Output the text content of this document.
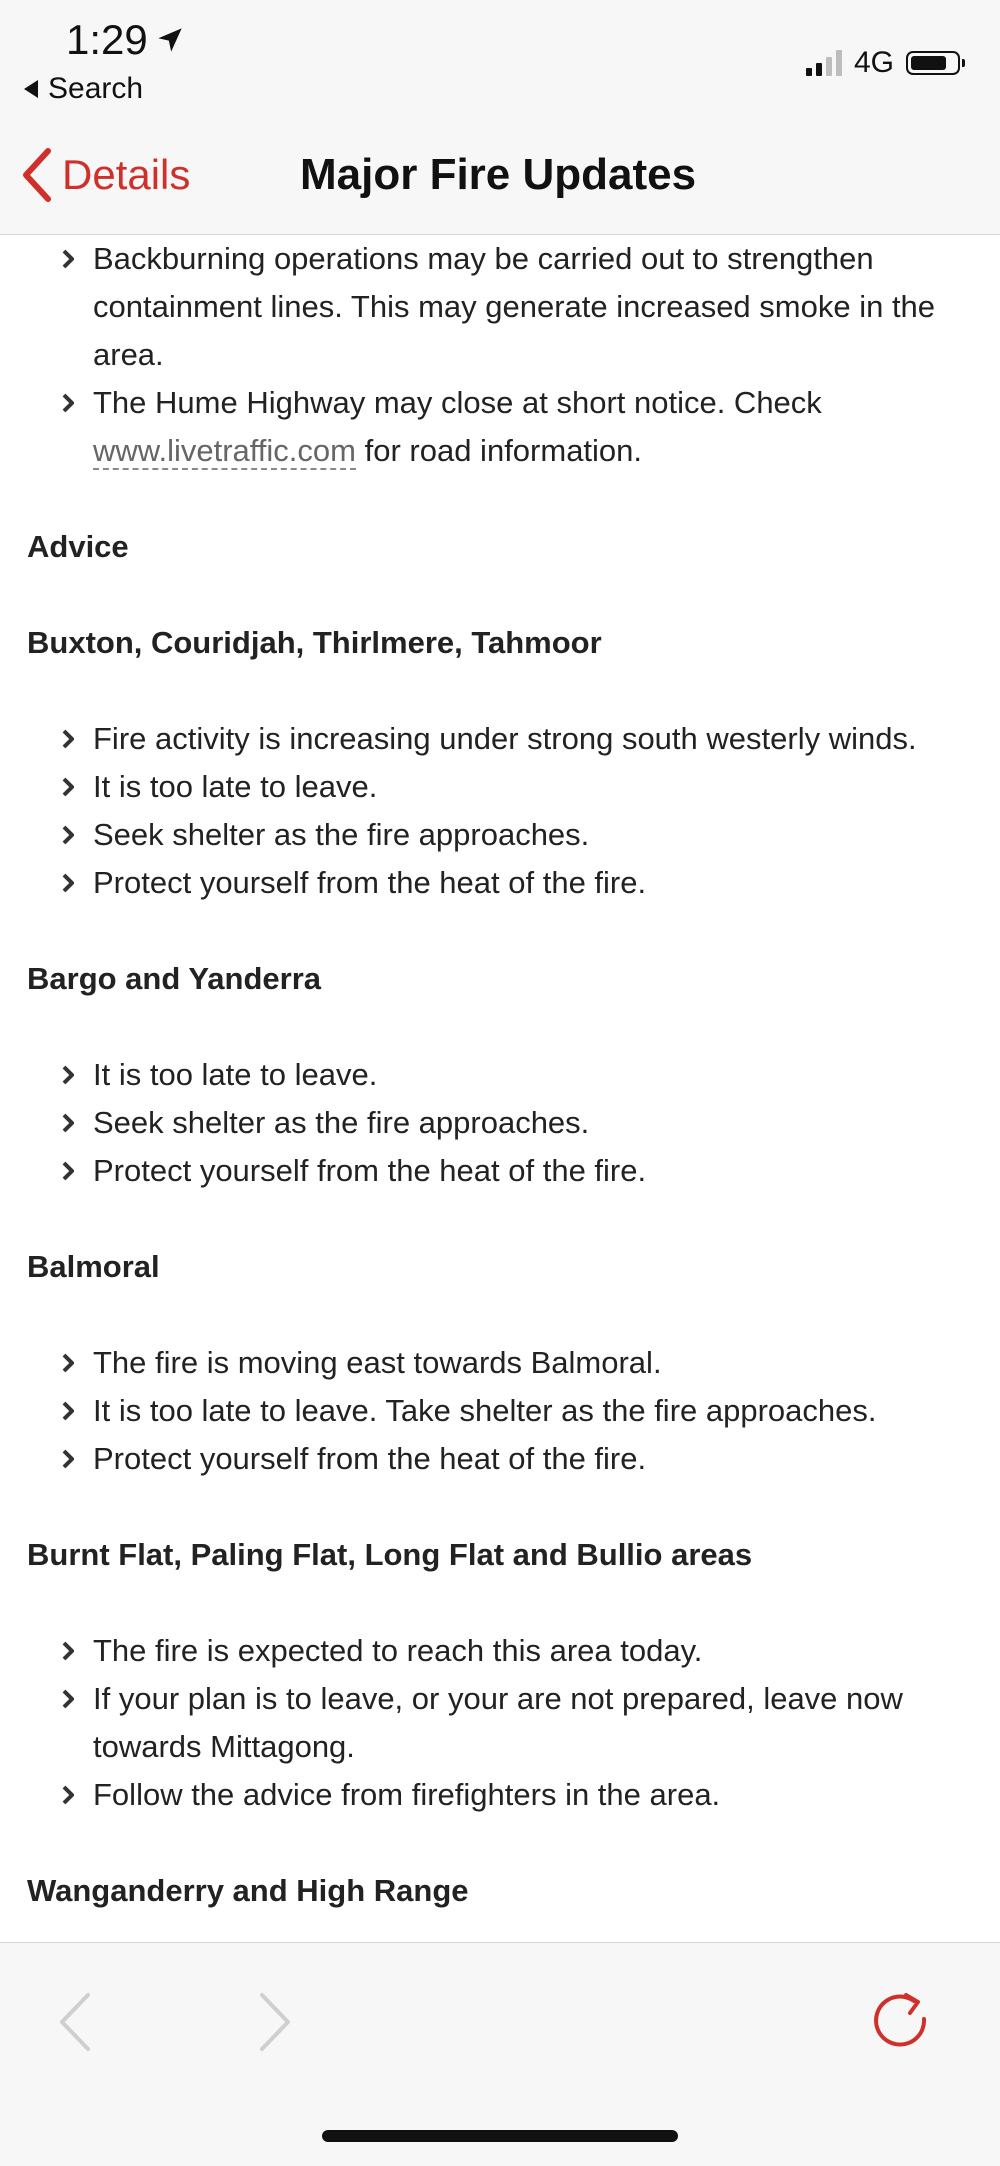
1:29
Search
4G
Details Major Fire Updates
Backburning operations may be carried out to strengthen containment lines. This may generate increased smoke in the area.
The Hume Highway may close at short notice. Check www.livetraffic.com for road information.
Advice
Buxton, Couridjah, Thirlmere, Tahmoor
Fire activity is increasing under strong south westerly winds.
It is too late to leave.
Seek shelter as the fire approaches.
Protect yourself from the heat of the fire.
Bargo and Yanderra
It is too late to leave.
Seek shelter as the fire approaches.
Protect yourself from the heat of the fire.
Balmoral
The fire is moving east towards Balmoral.
It is too late to leave. Take shelter as the fire approaches.
Protect yourself from the heat of the fire.
Burnt Flat, Paling Flat, Long Flat and Bullio areas
The fire is expected to reach this area today.
If your plan is to leave, or your are not prepared, leave now towards Mittagong.
Follow the advice from firefighters in the area.
Wanganderry and High Range
